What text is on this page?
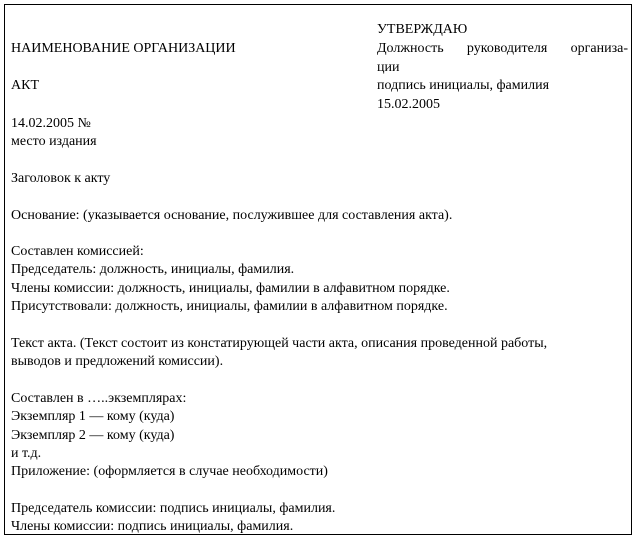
УТВЕРЖДАЮ
Должность руководителя организа-
ции
подпись инициалы, фамилия
15.02.2005
НАИМЕНОВАНИЕ ОРГАНИЗАЦИИ
АКТ
14.02.2005 №
место издания
Заголовок к акту
Основание: (указывается основание, послужившее для составления акта).
Составлен комиссией:
Председатель: должность, инициалы, фамилия.
Члены комиссии: должность, инициалы, фамилии в алфавитном порядке.
Присутствовали: должность, инициалы, фамилии в алфавитном порядке.
Текст акта. (Текст состоит из констатирующей части акта, описания проведенной работы,
выводов и предложений комиссии).
Составлен в …..экземплярах:
Экземпляр 1 — кому (куда)
Экземпляр 2 — кому (куда)
и т.д.
Приложение: (оформляется в случае необходимости)
Председатель комиссии: подпись инициалы, фамилия.
Члены комиссии: подпись инициалы, фамилия.
